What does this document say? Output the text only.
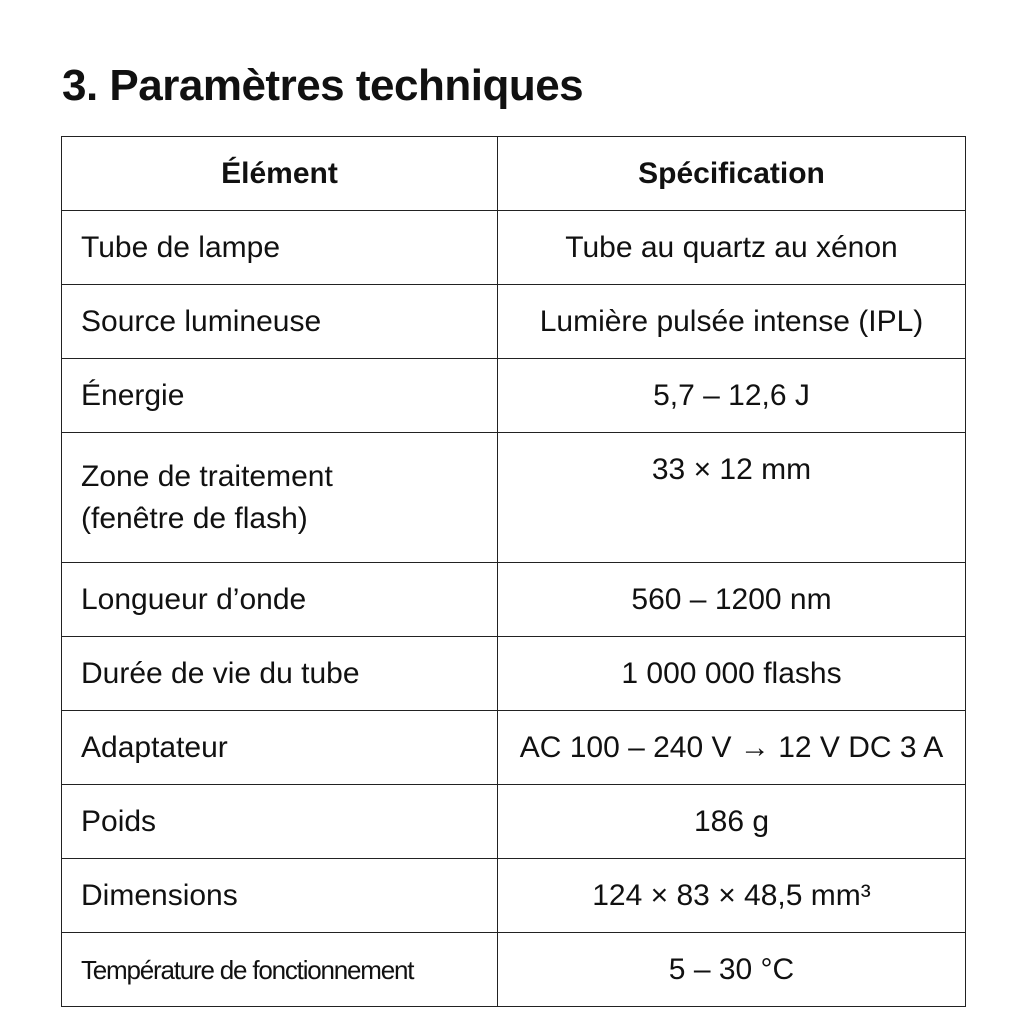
3. Paramètres techniques
Élément	Spécification
Tube de lampe	Tube au quartz au xénon
Source lumineuse	Lumière pulsée intense (IPL)
Énergie	5,7 – 12,6 J

Zone de traitement
(fenêtre de flash)	33 × 12 mm
Longueur d’onde	560 – 1200 nm
Durée de vie du tube	1 000 000 flashs
Adaptateur	AC 100 – 240 V → 12 V DC 3 A
Poids	186 g
Dimensions	124 × 83 × 48,5 mm³
Température de fonctionnement	5 – 30 °C
